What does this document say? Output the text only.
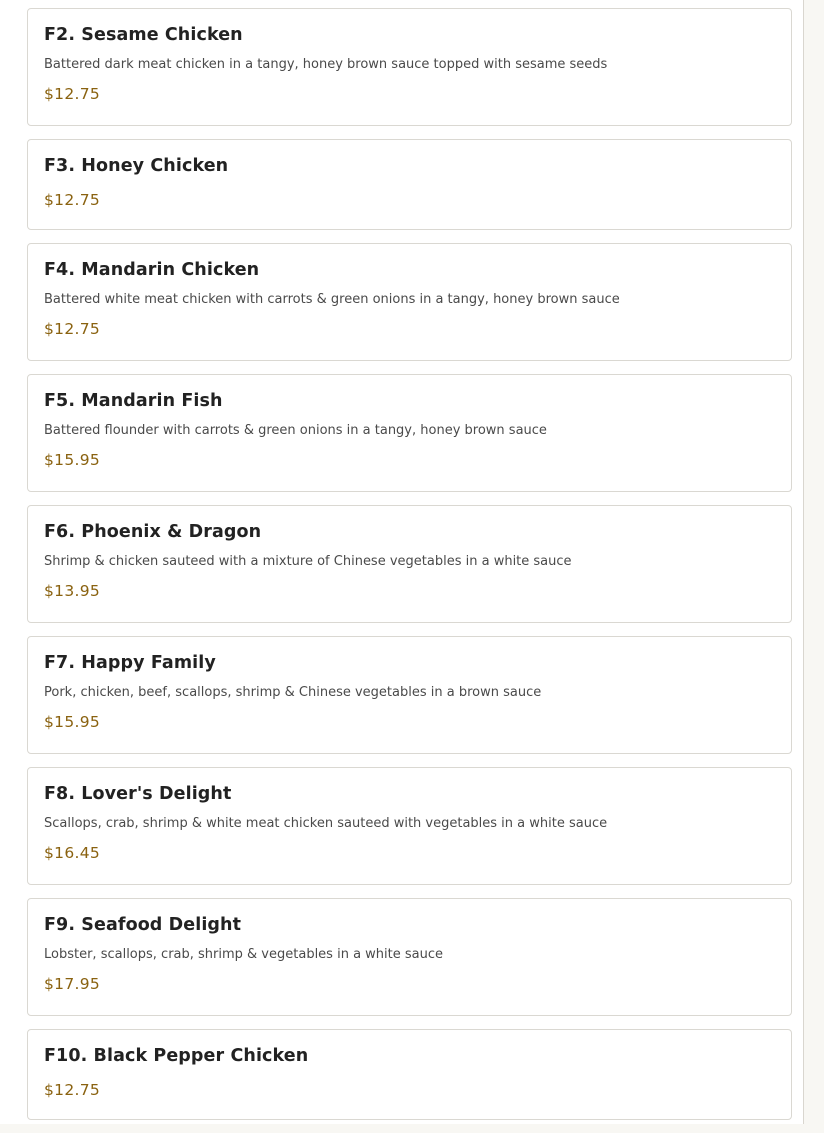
F2. Sesame Chicken

Battered dark meat chicken in a tangy, honey brown sauce topped with sesame seeds

$12.75
F3. Honey Chicken
$12.75
F4. Mandarin Chicken

Battered white meat chicken with carrots & green onions in a tangy, honey brown sauce

$12.75
F5. Mandarin Fish

Battered flounder with carrots & green onions in a tangy, honey brown sauce

$15.95
F6. Phoenix & Dragon

Shrimp & chicken sauteed with a mixture of Chinese vegetables in a white sauce

$13.95
F7. Happy Family

Pork, chicken, beef, scallops, shrimp & Chinese vegetables in a brown sauce

$15.95
F8. Lover's Delight

Scallops, crab, shrimp & white meat chicken sauteed with vegetables in a white sauce

$16.45
F9. Seafood Delight

Lobster, scallops, crab, shrimp & vegetables in a white sauce

$17.95
F10. Black Pepper Chicken
$12.75
